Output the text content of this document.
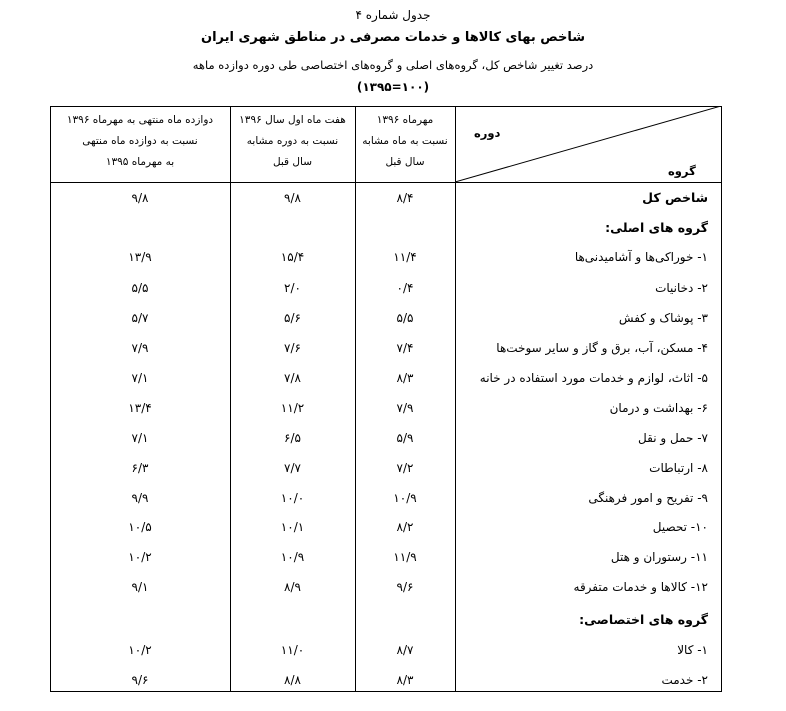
جدول شماره ۴
شاخص بهای کالاها و خدمات مصرفی در مناطق شهری ایران
درصد تغییر شاخص کل، گروه‌های اصلی و گروه‌های اختصاصی طی دوره دوازده ماهه
(۱۳۹۵=۱۰۰)
مهرماه ۱۳۹۶
نسبت به ماه مشابه
سال قبل
هفت ماه اول سال ۱۳۹۶
نسبت به دوره مشابه
سال قبل
دوازده ماه منتهی به مهرماه ۱۳۹۶
نسبت به دوازده ماه منتهی
به مهرماه ۱۳۹۵
دوره
گروه
شاخص کل
۸/۴
۹/۸
۹/۸
گروه های اصلی:
۱- خوراکی‌ها و آشامیدنی‌ها
۱۱/۴
۱۵/۴
۱۳/۹
۲- دخانیات
۰/۴
۲/۰
۵/۵
۳- پوشاک و کفش
۵/۵
۵/۶
۵/۷
۴- مسکن، آب، برق و گاز و سایر سوخت‌ها
۷/۴
۷/۶
۷/۹
۵- اثاث، لوازم و خدمات مورد استفاده در خانه
۸/۳
۷/۸
۷/۱
۶- بهداشت و درمان
۷/۹
۱۱/۲
۱۳/۴
۷- حمل و نقل
۵/۹
۶/۵
۷/۱
۸- ارتباطات
۷/۲
۷/۷
۶/۳
۹- تفریح و امور فرهنگی
۱۰/۹
۱۰/۰
۹/۹
۱۰- تحصیل
۸/۲
۱۰/۱
۱۰/۵
۱۱- رستوران و هتل
۱۱/۹
۱۰/۹
۱۰/۲
۱۲- کالاها و خدمات متفرقه
۹/۶
۸/۹
۹/۱
گروه های اختصاصی:
۱- کالا
۸/۷
۱۱/۰
۱۰/۲
۲- خدمت
۸/۳
۸/۸
۹/۶
